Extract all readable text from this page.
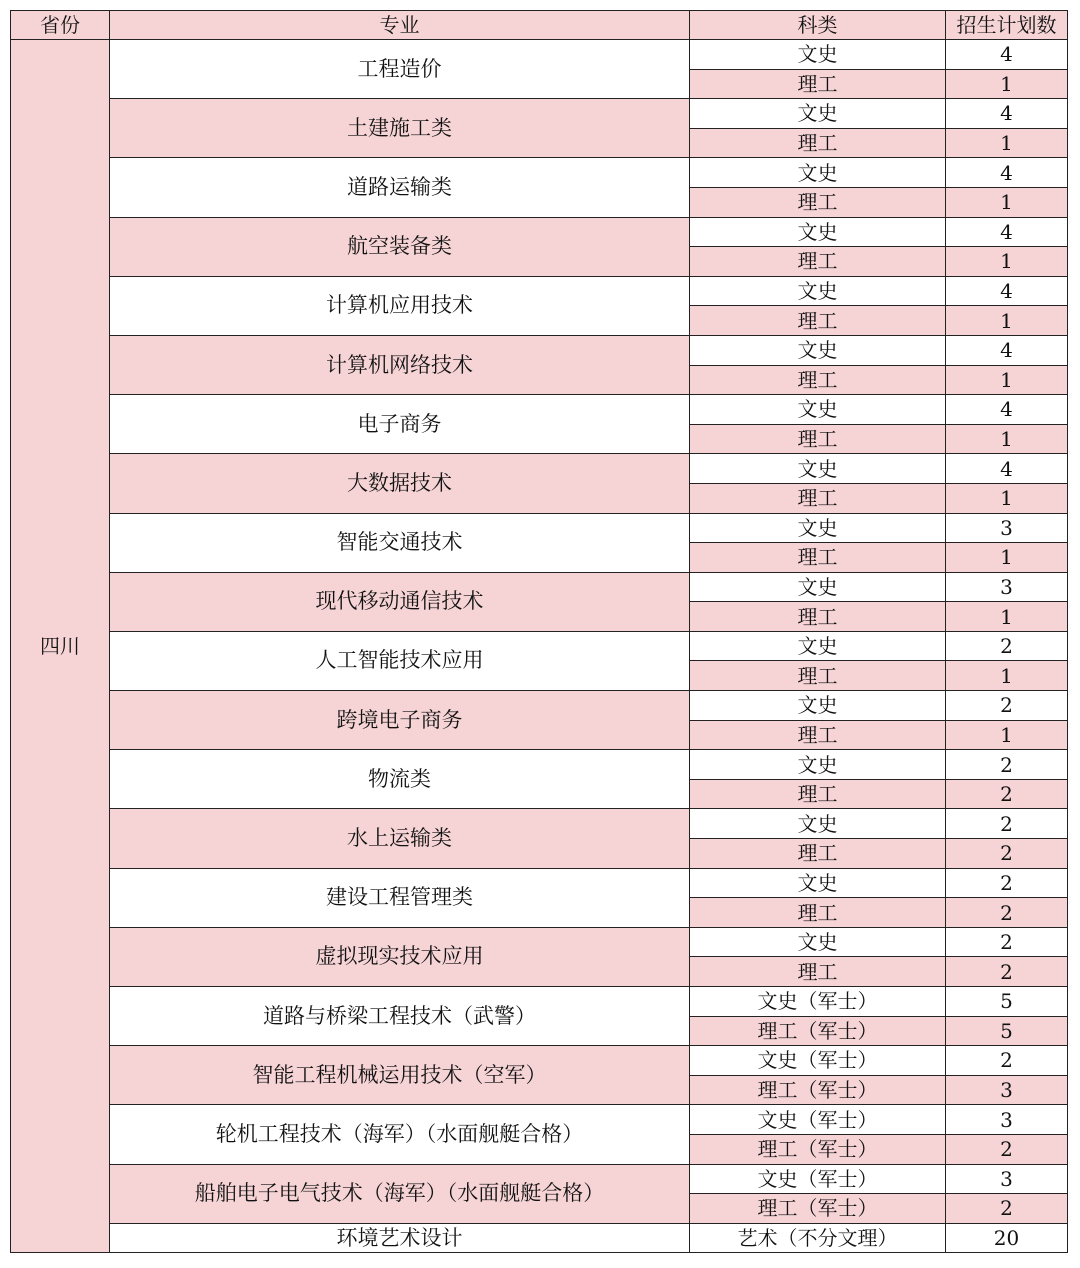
省份	专业	科类	招生计划数
四川	工程造价	文史	4
		理工	1
	土建施工类	文史	4
		理工	1
	道路运输类	文史	4
		理工	1
	航空装备类	文史	4
		理工	1
	计算机应用技术	文史	4
		理工	1
	计算机网络技术	文史	4
		理工	1
	电子商务	文史	4
		理工	1
	大数据技术	文史	4
		理工	1
	智能交通技术	文史	3
		理工	1
	现代移动通信技术	文史	3
		理工	1
	人工智能技术应用	文史	2
		理工	1
	跨境电子商务	文史	2
		理工	1
	物流类	文史	2
		理工	2
	水上运输类	文史	2
		理工	2
	建设工程管理类	文史	2
		理工	2
	虚拟现实技术应用	文史	2
		理工	2
	道路与桥梁工程技术（武警）	文史（军士）	5
		理工（军士）	5
	智能工程机械运用技术（空军）	文史（军士）	2
		理工（军士）	3
	轮机工程技术（海军）（水面舰艇合格）	文史（军士）	3
		理工（军士）	2
	船舶电子电气技术（海军）（水面舰艇合格）	文史（军士）	3
		理工（军士）	2
	环境艺术设计	艺术（不分文理）	20
